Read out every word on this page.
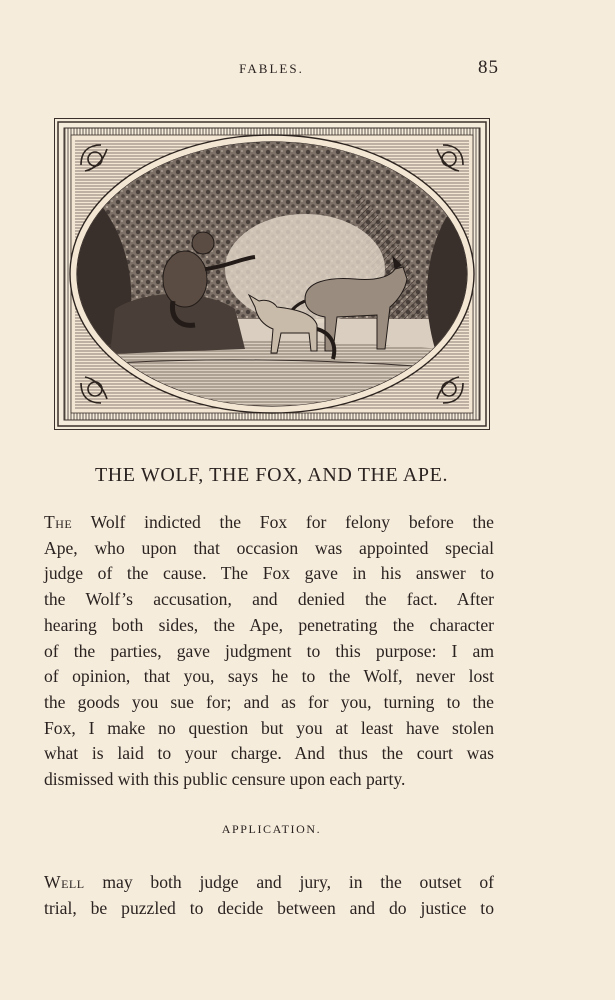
FABLES.	85
THE WOLF, THE FOX, AND THE APE.

The Wolf indicted the Fox for felony before the
Ape, who upon that occasion was appointed special
judge of the cause. The Fox gave in his answer to
the Wolf’s accusation, and denied the fact. After
hearing both sides, the Ape, penetrating the character
of the parties, gave judgment to this purpose: I am
of opinion, that you, says he to the Wolf, never lost
the goods you sue for; and as for you, turning to the
Fox, I make no question but you at least have stolen
what is laid to your charge. And thus the court was
dismissed with this public censure upon each party.

APPLICATION.

Well may both judge and jury, in the outset of
trial, be puzzled to decide between and do justice to
